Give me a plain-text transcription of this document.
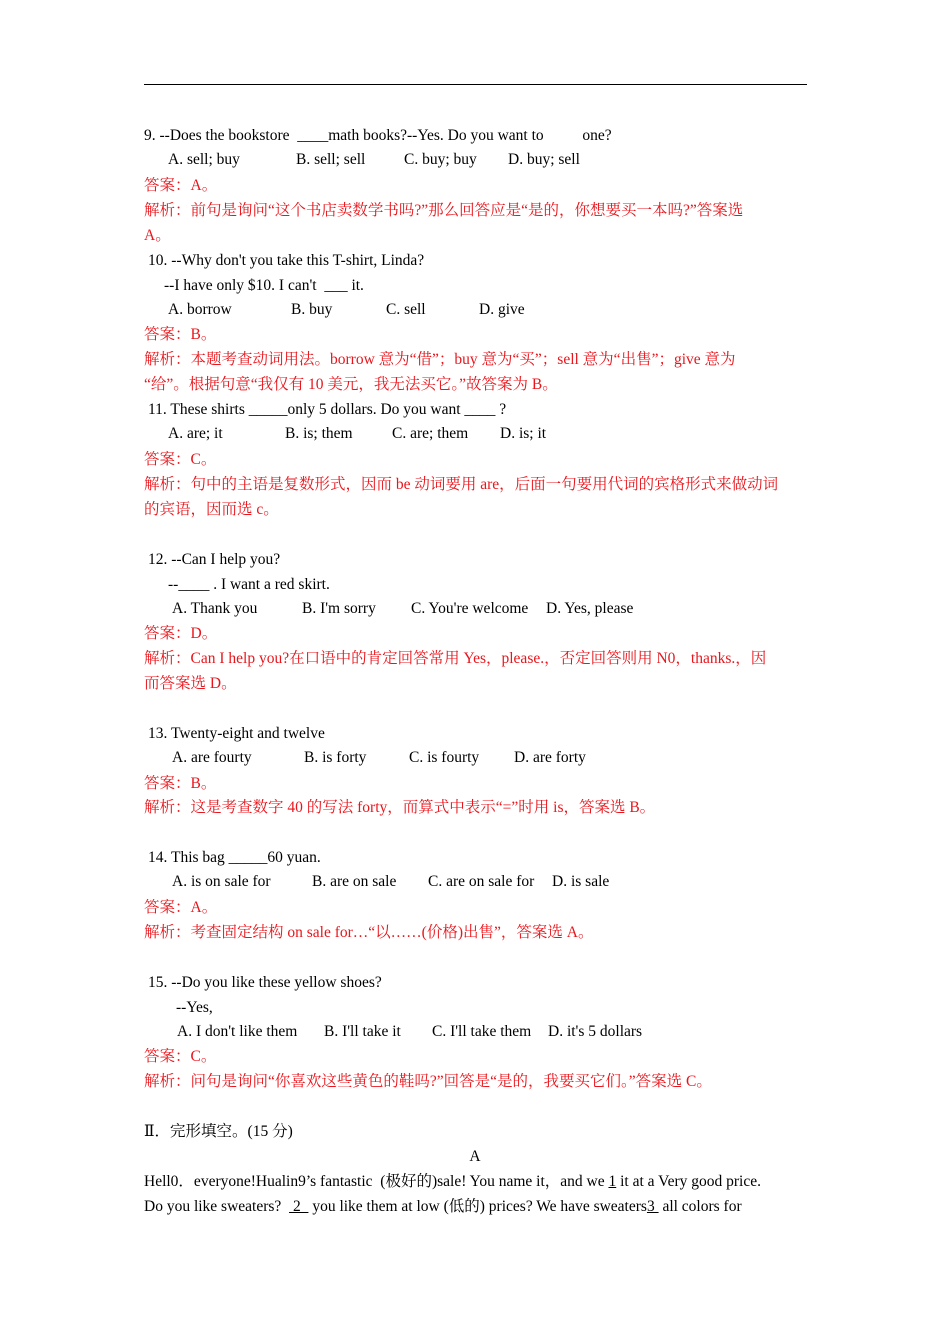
9. --Does the bookstore  ____math books?--Yes. Do you want to          one?
A. sell; buy	B. sell; sell C. buy; buy D. buy; sell
答案：A。
解析：前句是询问“这个书店卖数学书吗?”那么回答应是“是的，你想要买一本吗?”答案选
A。
10. --Why don't you take this T-shirt, Linda?
--I have only $10. I can't  ___ it.
A. borrow	B. buy	C. sell	D. give
答案：B。
解析：本题考查动词用法。borrow 意为“借”；buy 意为“买”；sell 意为“出售”；give 意为
“给”。根据句意“我仅有 10 美元，我无法买它。”故答案为 B。
11. These shirts _____only 5 dollars. Do you want ____ ?
A. are; it	B. is; them	C. are; them D. is; it
答案：C。
解析：句中的主语是复数形式，因而 be 动词要用 are，后面一句要用代词的宾格形式来做动词
的宾语，因而选 c。
12. --Can I help you?
--____ . I want a red skirt.
A. Thank you	B. I'm sorry C. You're welcome D. Yes, please
答案：D。
解析：Can I help you?在口语中的肯定回答常用 Yes，please.，否定回答则用 N0，thanks.，因
而答案选 D。
13. Twenty-eight and twelve
A. are fourty	B. is forty	C. is fourty D. are forty
答案：B。
解析：这是考查数字 40 的写法 forty，而算式中表示“=”时用 is，答案选 B。
14. This bag _____60 yuan.
A. is on sale for	B. are on sale C. are on sale for D. is sale
答案：A。
解析：考查固定结构 on sale for…“以……(价格)出售”，答案选 A。
15. --Do you like these yellow shoes?
--Yes,
A. I don't like them B. I'll take it C. I'll take them D. it's 5 dollars
答案：C。
解析：问句是询问“你喜欢这些黄色的鞋吗?”回答是“是的，我要买它们。”答案选 C。
Ⅱ．完形填空。(15 分)
A
Hell0．everyone!Hualin9’s fantastic  (极好的)sale! You name it，and we 1 it at a Very good price.
Do you like sweaters?   2   you like them at low (低的) prices? We have sweaters3  all colors for
